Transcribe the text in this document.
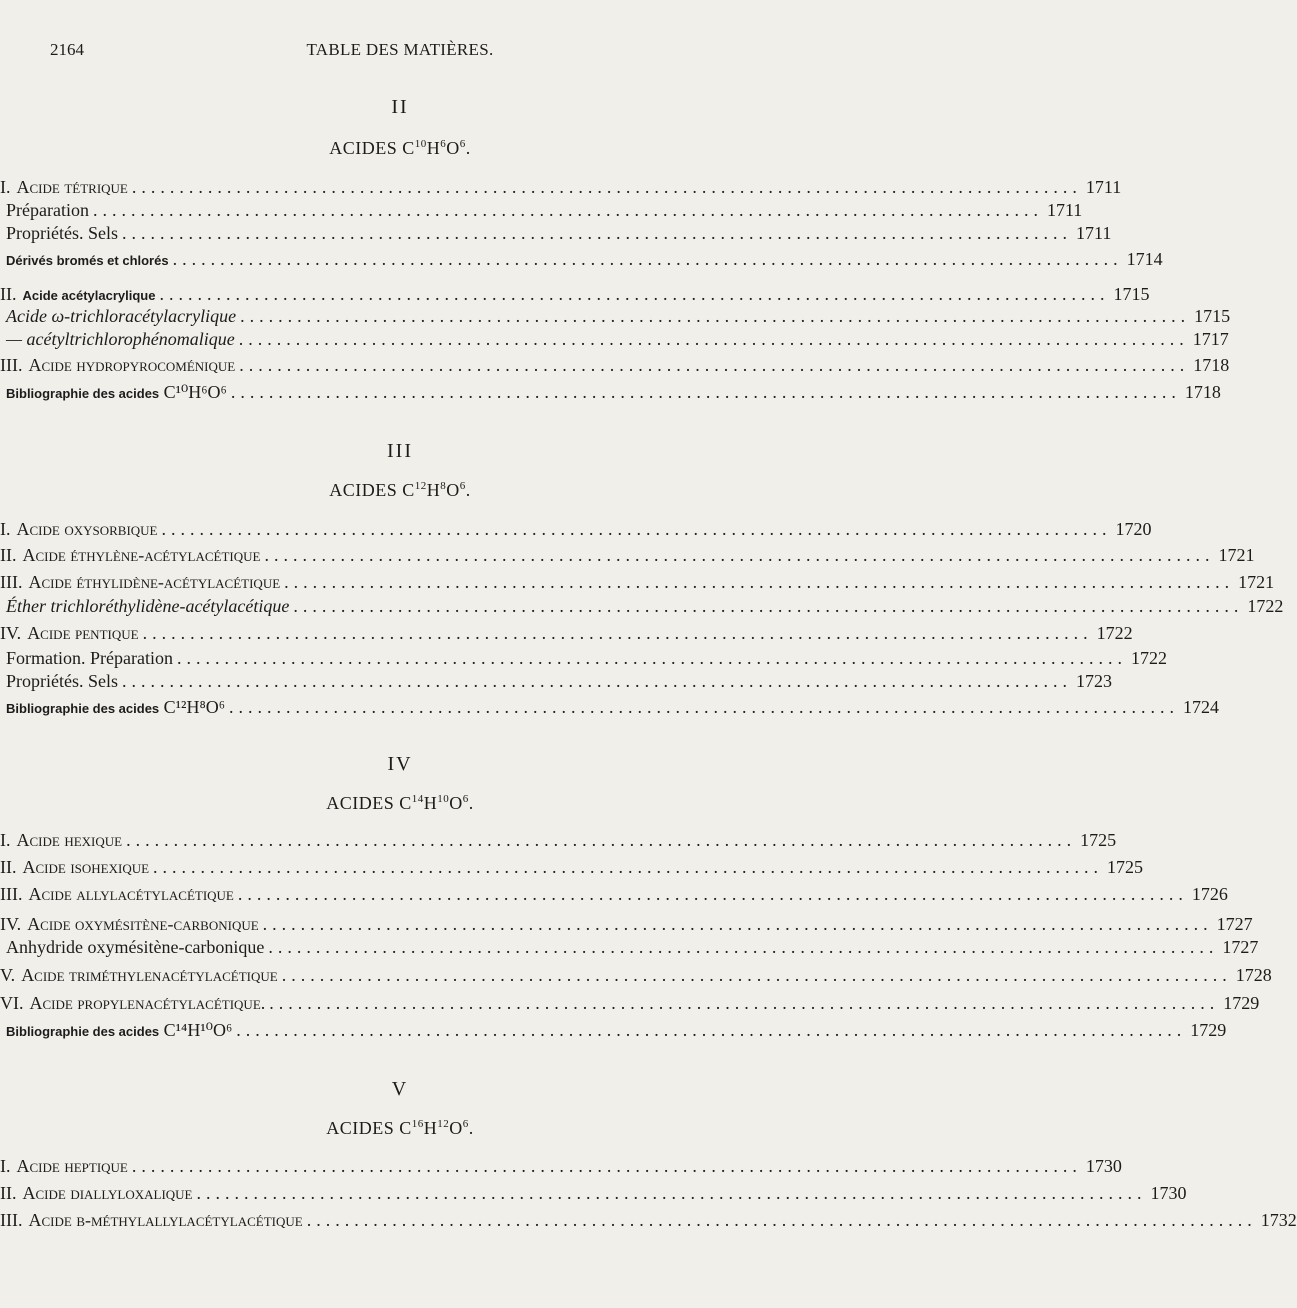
2164	TABLE DES MATIÈRES.
II
ACIDES $C^{10}H^6O^6$.
I. Acide tétrique .................................................................................................... 1711
Préparation .................................................................................................... 1711
Propriétés. Sels .................................................................................................... 1711
Dérivés bromés et chlorés .................................................................................................... 1714
II. Acide acétylacrylique .................................................................................................... 1715
Acide ω-trichloracétylacrylique .................................................................................................... 1715
— acétyltrichlorophénomalique .................................................................................................... 1717
III. Acide hydropyrocoménique .................................................................................................... 1718
Bibliographie des acides C¹⁰H⁶O⁶ .................................................................................................... 1718
III
ACIDES $C^{12}H^8O^6$.
I. Acide oxysorbique .................................................................................................... 1720
II. Acide éthylène-acétylacétique .................................................................................................... 1721
III. Acide éthylidène-acétylacétique .................................................................................................... 1721
Éther trichloréthylidène-acétylacétique .................................................................................................... 1722
IV. Acide pentique .................................................................................................... 1722
Formation. Préparation .................................................................................................... 1722
Propriétés. Sels .................................................................................................... 1723
Bibliographie des acides C¹²H⁸O⁶ .................................................................................................... 1724
IV
ACIDES $C^{14}H^{10}O^6$.
I. Acide hexique .................................................................................................... 1725
II. Acide isohexique .................................................................................................... 1725
III. Acide allylacétylacétique .................................................................................................... 1726
IV. Acide oxymésitène-carbonique .................................................................................................... 1727
Anhydride oxymésitène-carbonique .................................................................................................... 1727
V. Acide triméthylenacétylacétique .................................................................................................... 1728
VI. Acide propylenacétylacétique. .................................................................................................... 1729
Bibliographie des acides C¹⁴H¹⁰O⁶ .................................................................................................... 1729
V
ACIDES $C^{16}H^{12}O^6$.
I. Acide heptique .................................................................................................... 1730
II. Acide diallyloxalique .................................................................................................... 1730
III. Acide β-méthylallylacétylacétique .................................................................................................... 1732
